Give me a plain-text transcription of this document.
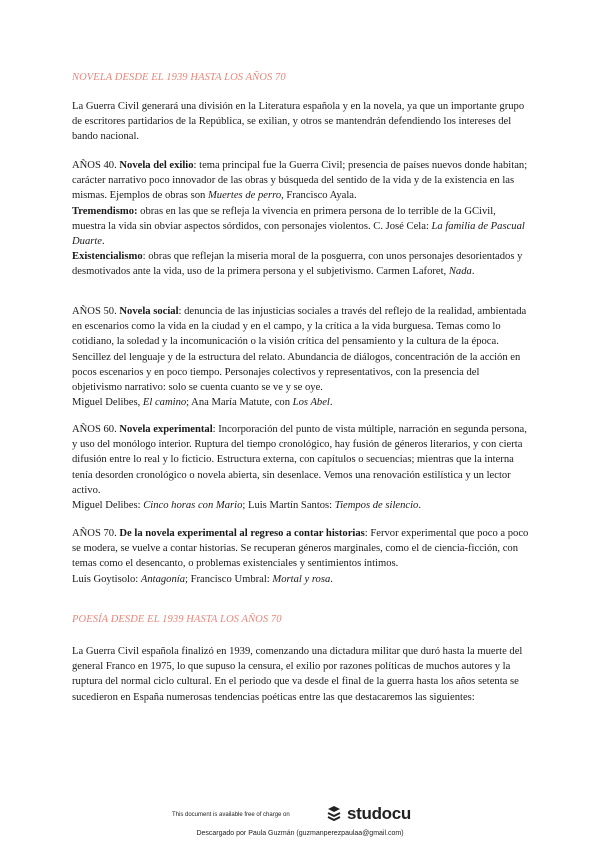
NOVELA DESDE EL 1939 HASTA LOS AÑOS 70

La Guerra Civil generará una división en la Literatura española y en la novela, ya que un importante grupo de escritores partidarios de la República, se exilian, y otros se mantendrán defendiendo los intereses del bando nacional.

AÑOS 40. Novela del exilio: tema principal fue la Guerra Civil; presencia de países nuevos donde habitan; carácter narrativo poco innovador de las obras y búsqueda del sentido de la vida y de la existencia en las mismas. Ejemplos de obras son Muertes de perro, Francisco Ayala.

Tremendismo: obras en las que se refleja la vivencia en primera persona de lo terrible de la GCivil, muestra la vida sin obviar aspectos sórdidos, con personajes violentos. C. José Cela: La familia de Pascual Duarte.

Existencialismo: obras que reflejan la miseria moral de la posguerra, con unos personajes desorientados y desmotivados ante la vida, uso de la primera persona y el subjetivismo. Carmen Laforet, Nada.

AÑOS 50. Novela social: denuncia de las injusticias sociales a través del reflejo de la realidad, ambientada en escenarios como la vida en la ciudad y en el campo, y la crítica a la vida burguesa. Temas como lo cotidiano, la soledad y la incomunicación o la visión crítica del pensamiento y la cultura de la época. Sencillez del lenguaje y de la estructura del relato. Abundancia de diálogos, concentración de la acción en pocos escenarios y en poco tiempo. Personajes colectivos y representativos, con la presencia del objetivismo narrativo: solo se cuenta cuanto se ve y se oye.

Miguel Delibes, El camino; Ana María Matute, con Los Abel.

AÑOS 60. Novela experimental: Incorporación del punto de vista múltiple, narración en segunda persona, y uso del monólogo interior. Ruptura del tiempo cronológico, hay fusión de géneros literarios, y con cierta difusión entre lo real y lo ficticio. Estructura externa, con capítulos o secuencias; mientras que la interna tenía desorden cronológico o novela abierta, sin desenlace. Vemos una renovación estilística y un lector activo.

Miguel Delibes: Cinco horas con Mario; Luis Martín Santos: Tiempos de silencio.

AÑOS 70. De la novela experimental al regreso a contar historias: Fervor experimental que poco a poco se modera, se vuelve a contar historias. Se recuperan géneros marginales, como el de ciencia-ficción, con temas como el desencanto, o problemas existenciales y sentimientos íntimos.

Luis Goytisolo: Antagonía; Francisco Umbral: Mortal y rosa.

POESÍA DESDE EL 1939 HASTA LOS AÑOS 70

La Guerra Civil española finalizó en 1939, comenzando una dictadura militar que duró hasta la muerte del general Franco en 1975, lo que supuso la censura, el exilio por razones políticas de muchos autores y la ruptura del normal ciclo cultural. En el periodo que va desde el final de la guerra hasta los años setenta se sucedieron en España numerosas tendencias poéticas entre las que destacaremos las siguientes:

This document is available free of charge on	studocu
Descargado por Paula Guzmán (guzmanperezpaulaa@gmail.com)
